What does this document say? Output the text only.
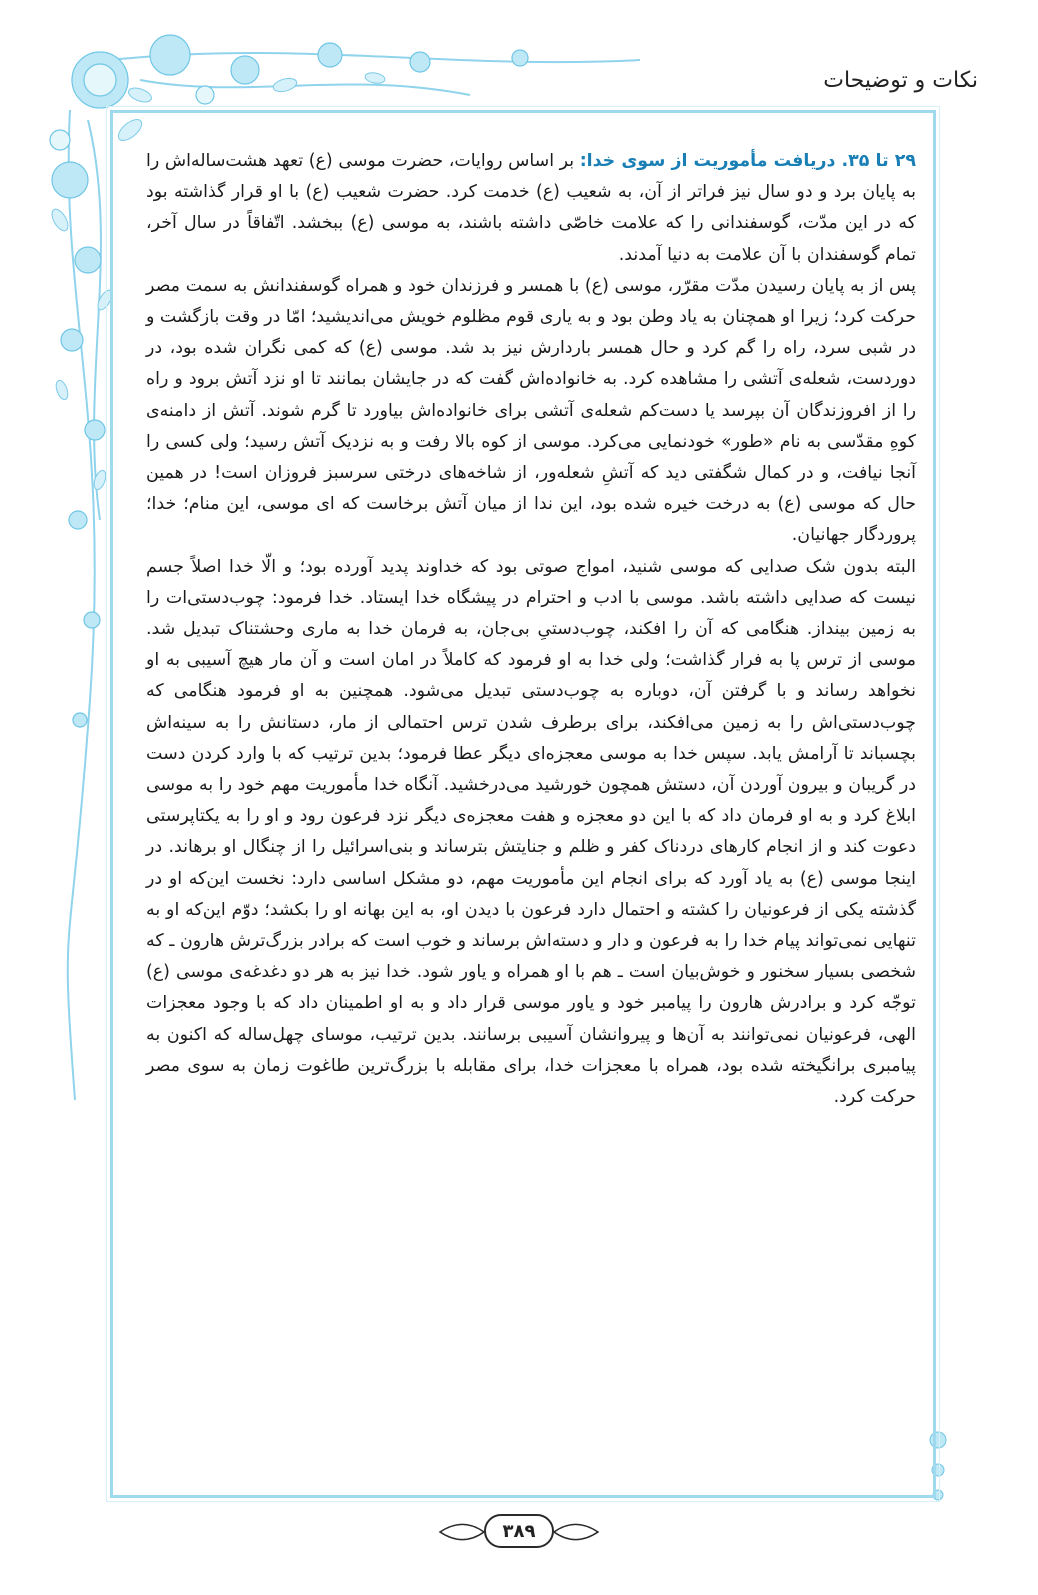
نکات و توضیحات

۲۹ تا ۳۵. دریافت مأموریت از سوی خدا: بر اساس روایات، حضرت موسی (ع) تعهد هشت‌ساله‌اش را به پایان برد و دو سال نیز فراتر از آن، به شعیب (ع) خدمت کرد. حضرت شعیب (ع) با او قرار گذاشته بود که در این مدّت، گوسفندانی را که علامت خاصّی داشته باشند، به موسی (ع) ببخشد. اتّفاقاً در سال آخر، تمام گوسفندان با آن علامت به دنیا آمدند.

پس از به پایان رسیدن مدّت مقرّر، موسی (ع) با همسر و فرزندان خود و همراه گوسفندانش به سمت مصر حرکت کرد؛ زیرا او همچنان به یاد وطن بود و به یاری قوم مظلوم خویش می‌اندیشید؛ امّا در وقت بازگشت و در شبی سرد، راه را گم کرد و حال همسر باردارش نیز بد شد. موسی (ع) که کمی نگران شده بود، در دوردست، شعله‌ی آتشی را مشاهده کرد. به خانواده‌اش گفت که در جایشان بمانند تا او نزد آتش برود و راه را از افروزندگان آن بپرسد یا دست‌کم شعله‌ی آتشی برای خانواده‌اش بیاورد تا گرم شوند. آتش از دامنه‌ی کوهِ مقدّسی به نام «طور» خودنمایی می‌کرد. موسی از کوه بالا رفت و به نزدیک آتش رسید؛ ولی کسی را آنجا نیافت، و در کمال شگفتی دید که آتشِ شعله‌ور، از شاخه‌های درختی سرسبز فروزان است! در همین حال که موسی (ع) به درخت خیره شده بود، این ندا از میان آتش برخاست که ای موسی، این منام؛ خدا؛ پروردگار جهانیان.

البته بدون شک صدایی که موسی شنید، امواج صوتی بود که خداوند پدید آورده بود؛ و الّا خدا اصلاً جسم نیست که صدایی داشته باشد. موسی با ادب و احترام در پیشگاه خدا ایستاد. خدا فرمود: چوب‌دستی‌ات را به زمین بینداز. هنگامی که آن را افکند، چوب‌دستیِ بی‌جان، به فرمان خدا به ماری وحشتناک تبدیل شد. موسی از ترس پا به فرار گذاشت؛ ولی خدا به او فرمود که کاملاً در امان است و آن مار هیچ آسیبی به او نخواهد رساند و با گرفتن آن، دوباره به چوب‌دستی تبدیل می‌شود. همچنین به او فرمود هنگامی که چوب‌دستی‌اش را به زمین می‌افکند، برای برطرف شدن ترس احتمالی از مار، دستانش را به سینه‌اش بچسباند تا آرامش یابد. سپس خدا به موسی معجزه‌ای دیگر عطا فرمود؛ بدین ترتیب که با وارد کردن دست در گریبان و بیرون آوردن آن، دستش همچون خورشید می‌درخشید. آنگاه خدا مأموریت مهم خود را به موسی ابلاغ کرد و به او فرمان داد که با این دو معجزه و هفت معجزه‌ی دیگر نزد فرعون رود و او را به یکتاپرستی دعوت کند و از انجام کارهای دردناک کفر و ظلم و جنایتش بترساند و بنی‌اسرائیل را از چنگال او برهاند. در اینجا موسی (ع) به یاد آورد که برای انجام این مأموریت مهم، دو مشکل اساسی دارد: نخست این‌که او در گذشته یکی از فرعونیان را کشته و احتمال دارد فرعون با دیدن او، به این بهانه او را بکشد؛ دوّم این‌که او به تنهایی نمی‌تواند پیام خدا را به فرعون و دار و دسته‌اش برساند و خوب است که برادر بزرگ‌ترش هارون ـ که شخصی بسیار سخنور و خوش‌بیان است ـ هم با او همراه و یاور شود. خدا نیز به هر دو دغدغه‌ی موسی (ع) توجّه کرد و برادرش هارون را پیامبر خود و یاور موسی قرار داد و به او اطمینان داد که با وجود معجزات الهی، فرعونیان نمی‌توانند به آن‌ها و پیروانشان آسیبی برسانند. بدین ترتیب، موسای چهل‌ساله که اکنون به پیامبری برانگیخته شده بود، همراه با معجزات خدا، برای مقابله با بزرگ‌ترین طاغوت زمان به سوی مصر حرکت کرد.

۳۸۹
